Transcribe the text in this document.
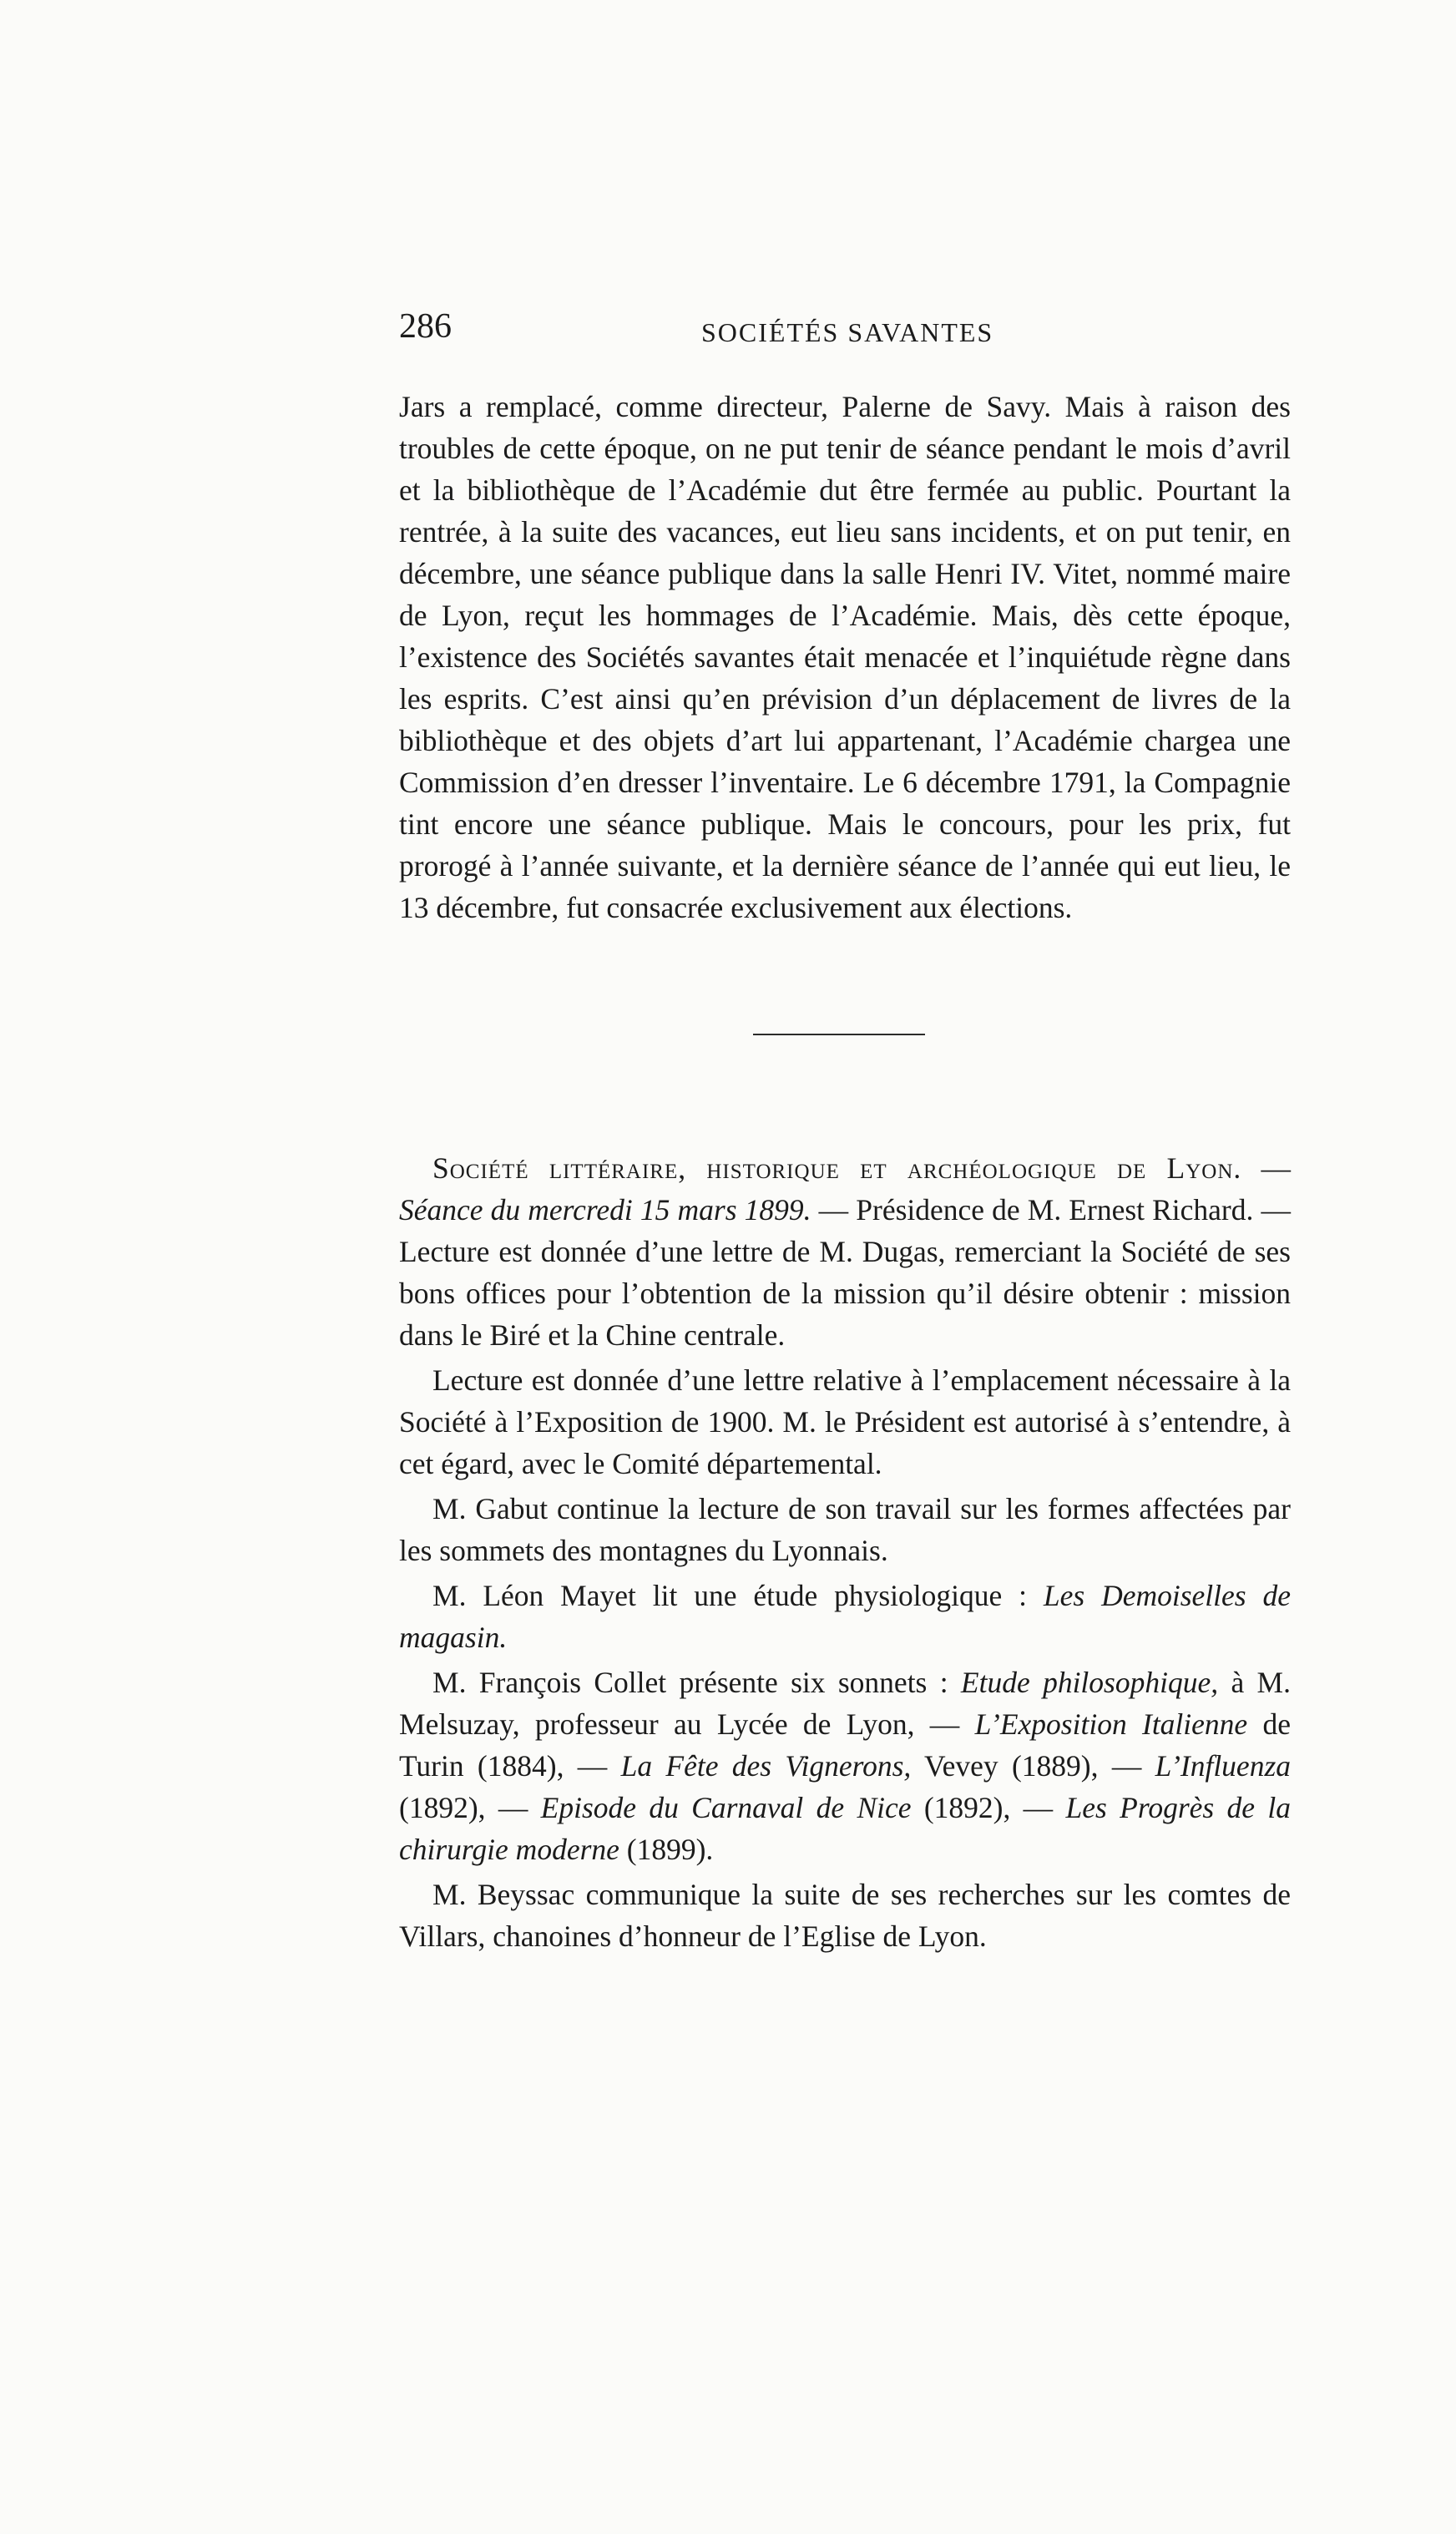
286	SOCIÉTÉS SAVANTES

Jars a remplacé, comme directeur, Palerne de Savy. Mais à raison des troubles de cette époque, on ne put tenir de séance pendant le mois d’avril et la bibliothèque de l’Académie dut être fermée au public. Pourtant la rentrée, à la suite des vacances, eut lieu sans incidents, et on put tenir, en décembre, une séance publique dans la salle Henri IV. Vitet, nommé maire de Lyon, reçut les hommages de l’Académie. Mais, dès cette époque, l’existence des Sociétés savantes était menacée et l’inquiétude règne dans les esprits. C’est ainsi qu’en prévision d’un déplacement de livres de la bibliothèque et des objets d’art lui appartenant, l’Académie chargea une Commission d’en dresser l’inventaire. Le 6 décembre 1791, la Compagnie tint encore une séance publique. Mais le concours, pour les prix, fut prorogé à l’année suivante, et la dernière séance de l’année qui eut lieu, le 13 décembre, fut consacrée exclusivement aux élections.

Société littéraire, historique et archéologique de Lyon. — Séance du mercredi 15 mars 1899. — Présidence de M. Ernest Richard. — Lecture est donnée d’une lettre de M. Dugas, remerciant la Société de ses bons offices pour l’obtention de la mission qu’il désire obtenir : mission dans le Biré et la Chine centrale.

Lecture est donnée d’une lettre relative à l’emplacement nécessaire à la Société à l’Exposition de 1900. M. le Président est autorisé à s’entendre, à cet égard, avec le Comité départemental.

M. Gabut continue la lecture de son travail sur les formes affectées par les sommets des montagnes du Lyonnais.

M. Léon Mayet lit une étude physiologique : Les Demoiselles de magasin.

M. François Collet présente six sonnets : Etude philosophique, à M. Melsuzay, professeur au Lycée de Lyon, — L’Exposition Italienne de Turin (1884), — La Fête des Vignerons, Vevey (1889), — L’Influenza (1892), — Episode du Carnaval de Nice (1892), — Les Progrès de la chirurgie moderne (1899).

M. Beyssac communique la suite de ses recherches sur les comtes de Villars, chanoines d’honneur de l’Eglise de Lyon.
